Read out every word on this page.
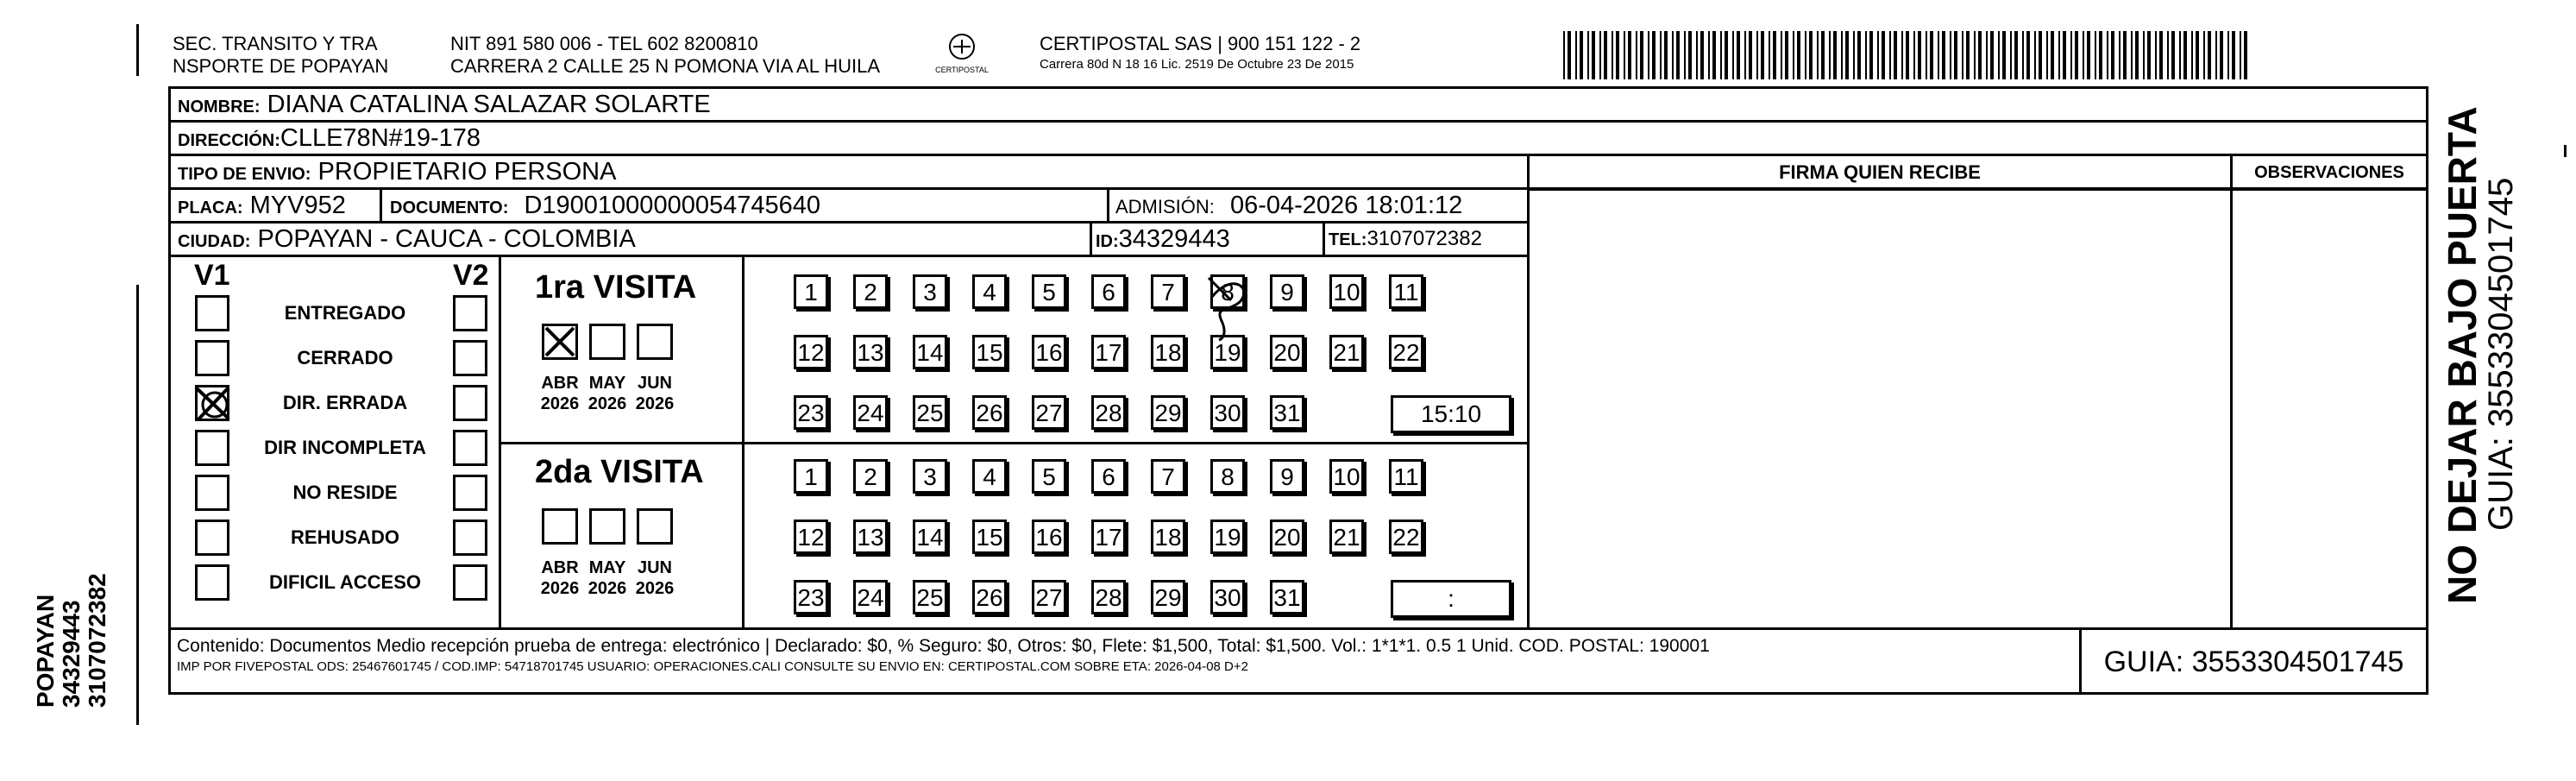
POPAYAN 34329443 3107072382
SEC. TRANSITO Y TRA
NSPORTE DE POPAYAN
NIT 891 580 006 - TEL 602 8200810
CARRERA 2 CALLE 25 N POMONA VIA AL HUILA	CERTIPOSTAL
CERTIPOSTAL SAS | 900 151 122 - 2
Carrera 80d N 18 16 Lic. 2519 De Octubre 23 De 2015
NOMBRE: DIANA CATALINA SALAZAR SOLARTE
DIRECCIÓN:CLLE78N#19-178
TIPO DE ENVIO: PROPIETARIO PERSONA
PLACA: MYV952	DOCUMENTO: D19001000000054745640	ADMISIÓN: 06-04-2026 18:01:12
CIUDAD: POPAYAN - CAUCA - COLOMBIA	ID:34329443	TEL:3107072382
FIRMA QUIEN RECIBE	OBSERVACIONES
V1	V2
ENTREGADO
CERRADO
DIR. ERRADA
DIR INCOMPLETA
NO RESIDE
REHUSADO
DIFICIL ACCESO
1ra VISITA
2da VISITA
ABR
2026
MAY
2026
JUN
2026
1	2	3	4	5	6	7	8	9	10 11
12 13 14 15 16 17 18 19 20 21 22
23 24 25 26 27 28 29 30 31	15:10
ABR
2026
MAY
2026
JUN
2026
1	2	3	4	5	6	7	8	9	10 11
12 13 14 15 16 17 18 19 20 21 22
23 24 25 26 27 28 29 30 31	:
Contenido: Documentos Medio recepción prueba de entrega: electrónico | Declarado: $0, % Seguro: $0, Otros: $0, Flete: $1,500, Total: $1,500. Vol.: 1*1*1. 0.5 1 Unid. COD. POSTAL: 190001
IMP POR FIVEPOSTAL ODS: 25467601745 / COD.IMP: 54718701745 USUARIO: OPERACIONES.CALI CONSULTE SU ENVIO EN: CERTIPOSTAL.COM SOBRE ETA: 2026-04-08 D+2	GUIA: 3553304501745
NO DEJAR BAJO PUERTA
GUIA: 3553304501745
